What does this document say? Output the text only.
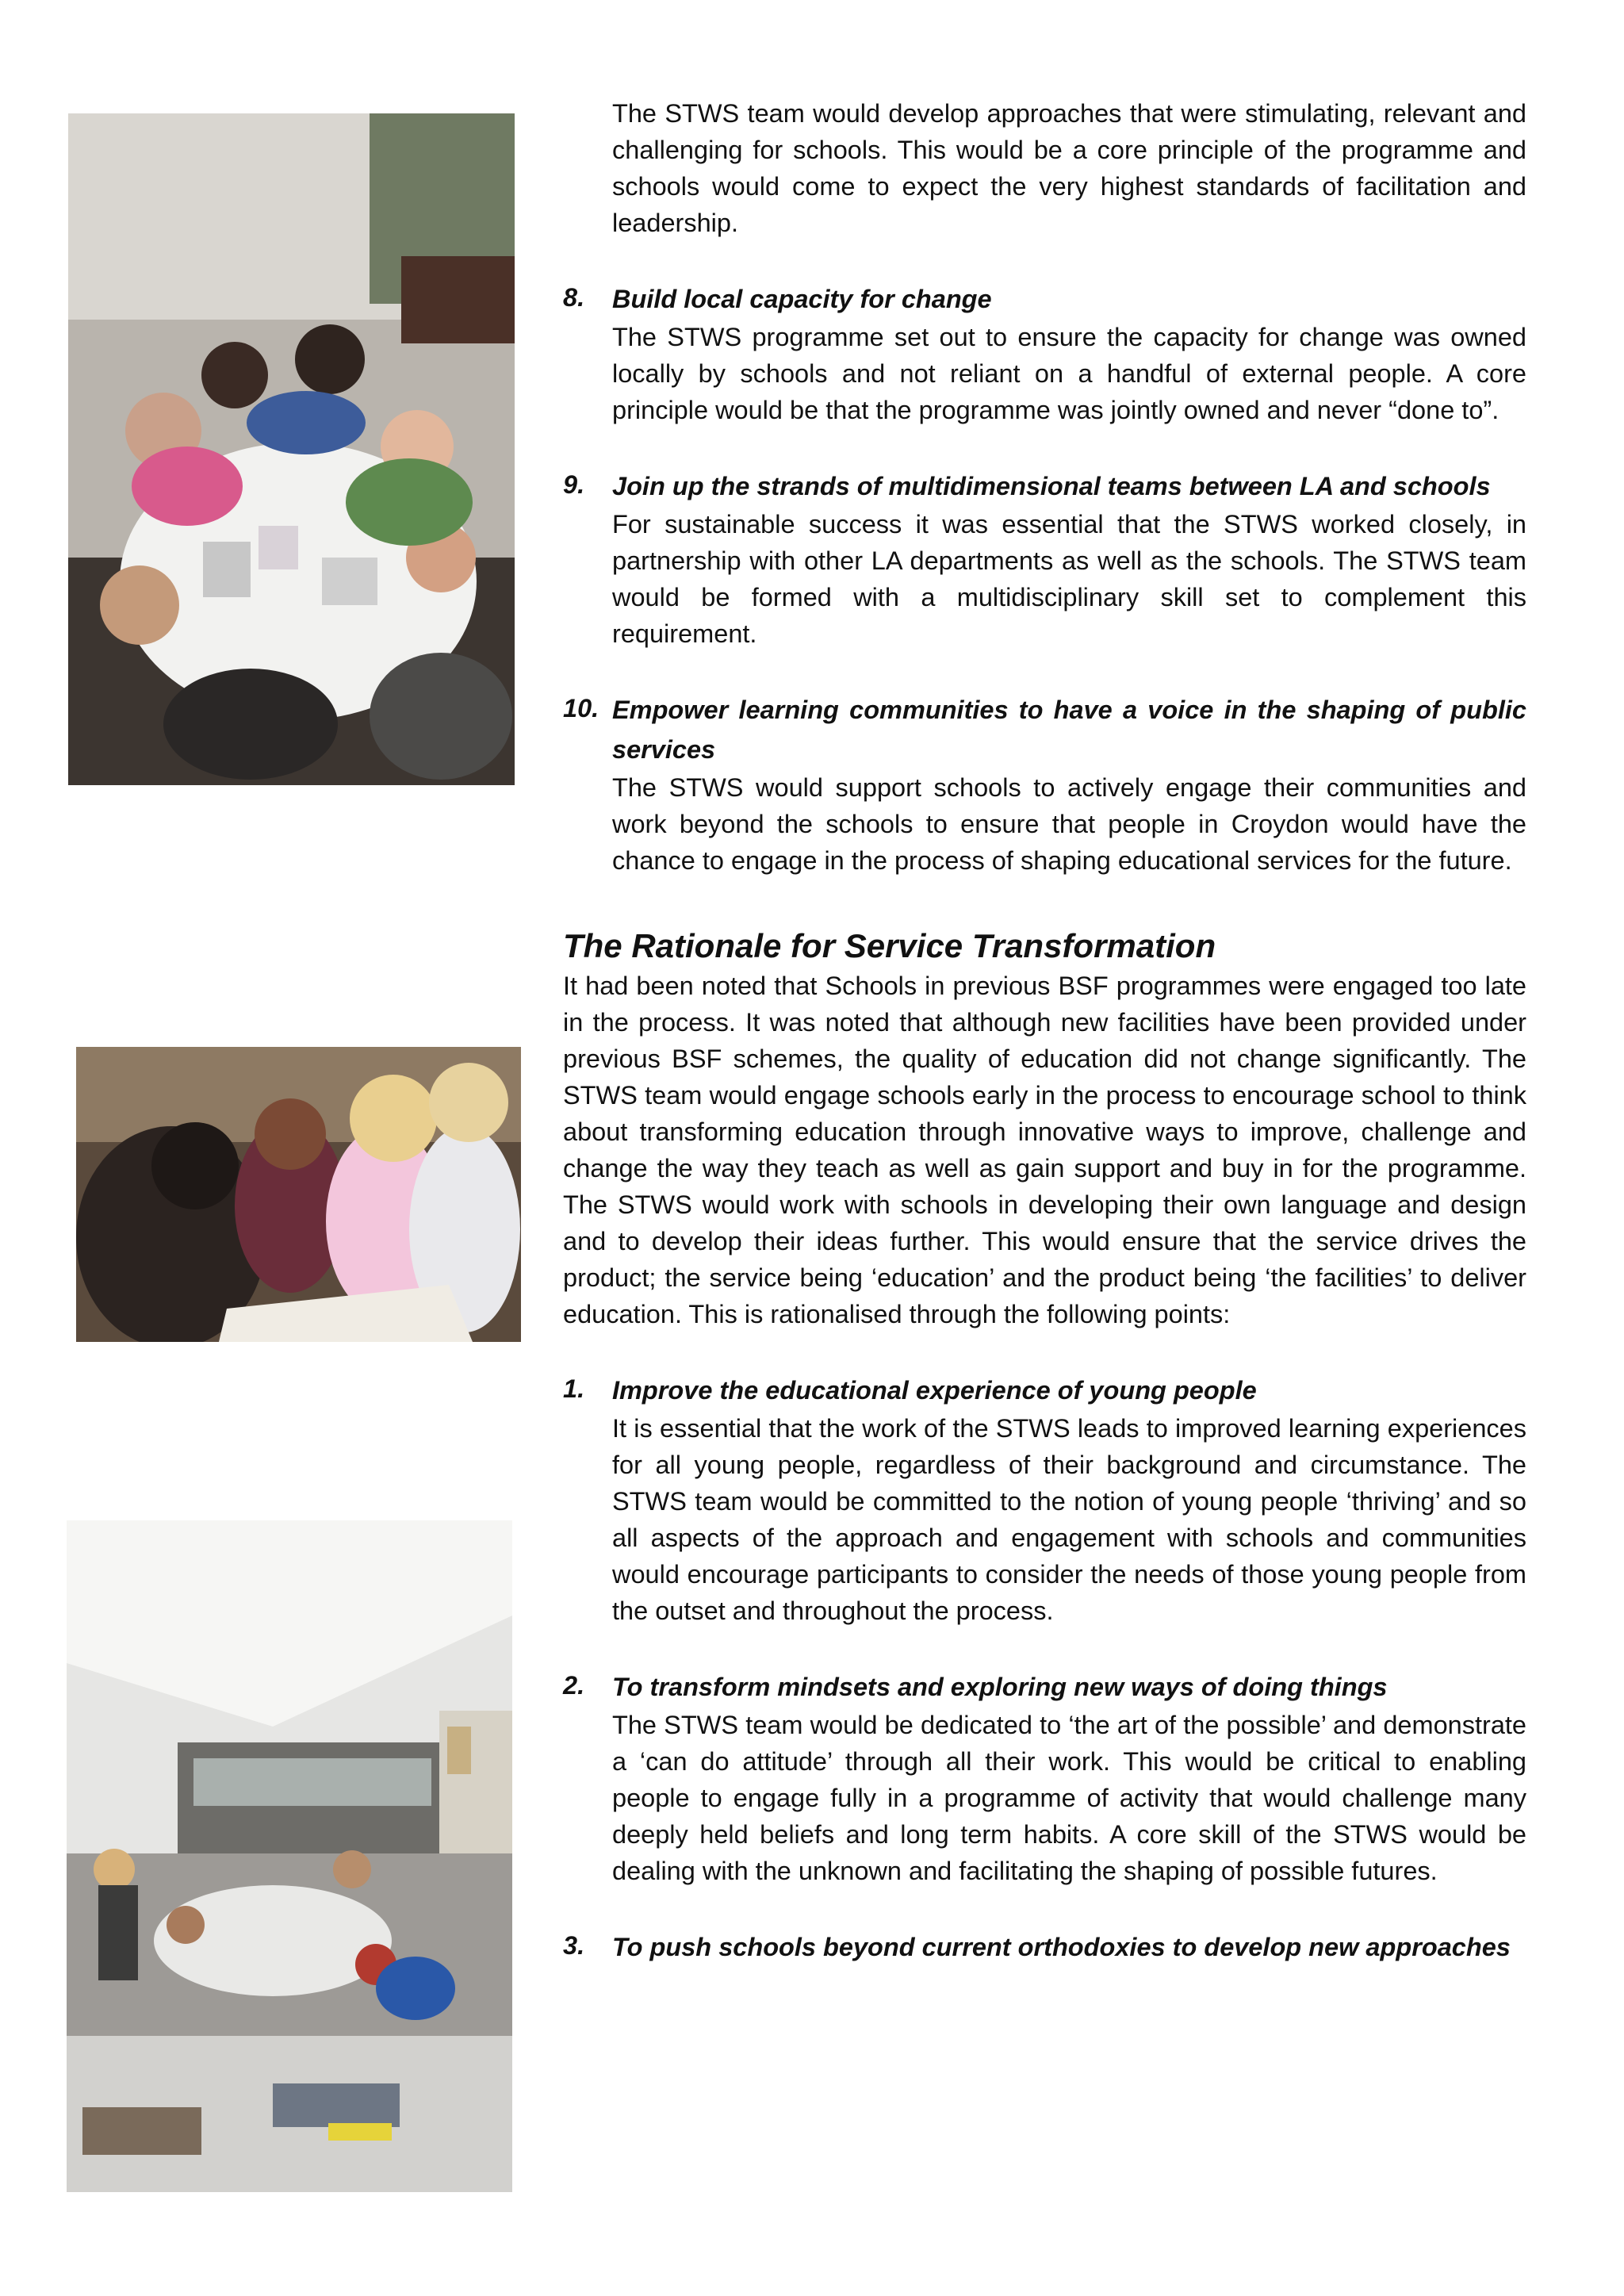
The STWS team would develop approaches that were stimulating, relevant and challenging for schools. This would be a core principle of the programme and schools would come to expect the very highest standards of facilitation and leadership.

8. Build local capacity for change
The STWS programme set out to ensure the capacity for change was owned locally by schools and not reliant on a handful of external people. A core principle would be that the programme was jointly owned and never “done to”.
9. Join up the strands of multidimensional teams between LA and schools
For sustainable success it was essential that the STWS worked closely, in partnership with other LA departments as well as the schools. The STWS team would be formed with a multidisciplinary skill set to complement this requirement.
10. Empower learning communities to have a voice in the shaping of public services
The STWS would support schools to actively engage their communities and work beyond the schools to ensure that people in Croydon would have the chance to engage in the process of shaping educational services for the future.
The Rationale for Service Transformation

It had been noted that Schools in previous BSF programmes were engaged too late in the process. It was noted that although new facilities have been provided under previous BSF schemes, the quality of education did not change significantly. The STWS team would engage schools early in the process to encourage school to think about transforming education through innovative ways to improve, challenge and change the way they teach as well as gain support and buy in for the programme. The STWS would work with schools in developing their own language and design and to develop their ideas further. This would ensure that the service drives the product; the service being ‘education’ and the product being ‘the facilities’ to deliver education. This is rationalised through the following points:

1. Improve the educational experience of young people
It is essential that the work of the STWS leads to improved learning experiences for all young people, regardless of their background and circumstance. The STWS team would be committed to the notion of young people ‘thriving’ and so all aspects of the approach and engagement with schools and communities would encourage participants to consider the needs of those young people from the outset and throughout the process.
2. To transform mindsets and exploring new ways of doing things
The STWS team would be dedicated to ‘the art of the possible’ and demonstrate a ‘can do attitude’ through all their work. This would be critical to enabling people to engage fully in a programme of activity that would challenge many deeply held beliefs and long term habits. A core skill of the STWS would be dealing with the unknown and facilitating the shaping of possible futures.
3. To push schools beyond current orthodoxies to develop new approaches
